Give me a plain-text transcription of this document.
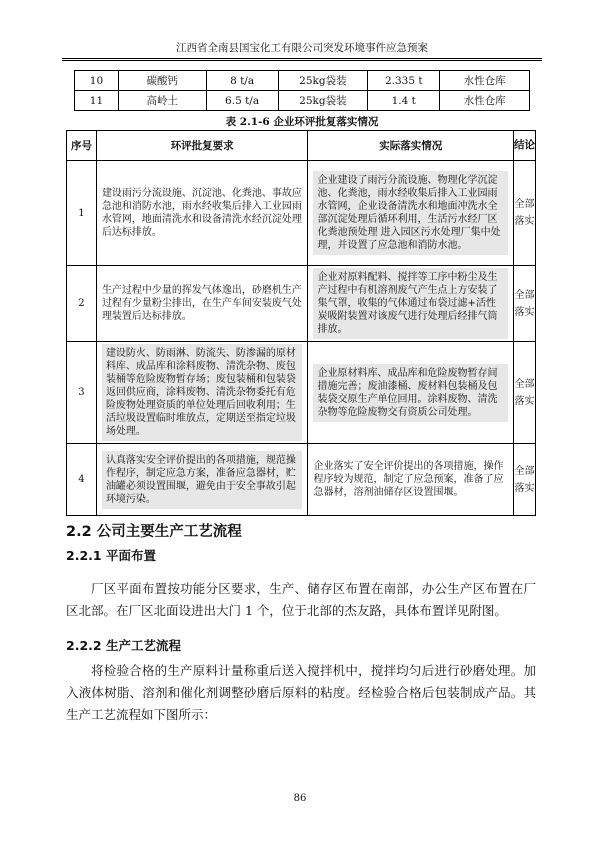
江西省全南县国宝化工有限公司突发环境事件应急预案
10	碳酸钙	8 t/a	25kg袋装	2.335 t	水性仓库
11	高岭土	6.5 t/a	25kg袋装	1.4 t	水性仓库
表 2.1-6 企业环评批复落实情况
序号	环评批复要求	实际落实情况	结论
1	建设雨污分流设施、沉淀池、化粪池、事故应急池和消防水池，雨水经收集后排入工业园雨水管网，地面清洗水和设备清洗水经沉淀处理后达标排放。	企业建设了雨污分流设施、物理化学沉淀池、化粪池，雨水经收集后排入工业园雨水管网，企业设备清洗水和地面冲洗水全部沉淀处理后循环利用，生活污水经厂区化粪池预处理 进入园区污水处理厂集中处理，并设置了应急池和消防水池。	全部落实
2	生产过程中少量的挥发气体逸出，砂磨机生产过程有少量粉尘排出，在生产车间安装废气处理装置后达标排放。	企业对原料配料、搅拌等工序中粉尘及生产过程中有机溶剂废气产生点上方安装了集气罩，收集的气体通过布袋过滤+活性炭吸附装置对该废气进行处理后经排气筒排放。	全部落实
3	建设防火、防雨淋、防流失、防渗漏的原材料库、成品库和涂料废物、清洗杂物、废包装桶等危险废物暂存场；废包装桶和包装袋返回供应商，涂料废物、清洗杂物委托有危险废物处理资质的单位处理后回收利用；生活垃圾设置临时堆放点，定期送至指定垃圾场处理。	企业原材料库、成品库和危险废物暂存间措施完善；废油漆桶、废材料包装桶及包装袋交原生产单位回用。涂料废物、清洗杂物等危险废物交有资质公司处理。	全部落实
4	认真落实安全评价提出的各项措施，规范操作程序，制定应急方案，准备应急器材，贮油罐必须设置围堰，避免由于安全事故引起环境污染。	企业落实了安全评价提出的各项措施，操作程序较为规范，制定了应急预案，准备了应急器材，溶剂油储存区设置围堰。	全部落实
2.2 公司主要生产工艺流程
2.2.1 平面布置
厂区平面布置按功能分区要求，生产、储存区布置在南部，办公生产区布置在厂区北部。在厂区北面设进出大门 1 个，位于北部的杰友路，具体布置详见附图。
2.2.2 生产工艺流程
将检验合格的生产原料计量称重后送入搅拌机中，搅拌均匀后进行砂磨处理。加入液体树脂、溶剂和催化剂调整砂磨后原料的粘度。经检验合格后包装制成产品。其生产工艺流程如下图所示：
86
